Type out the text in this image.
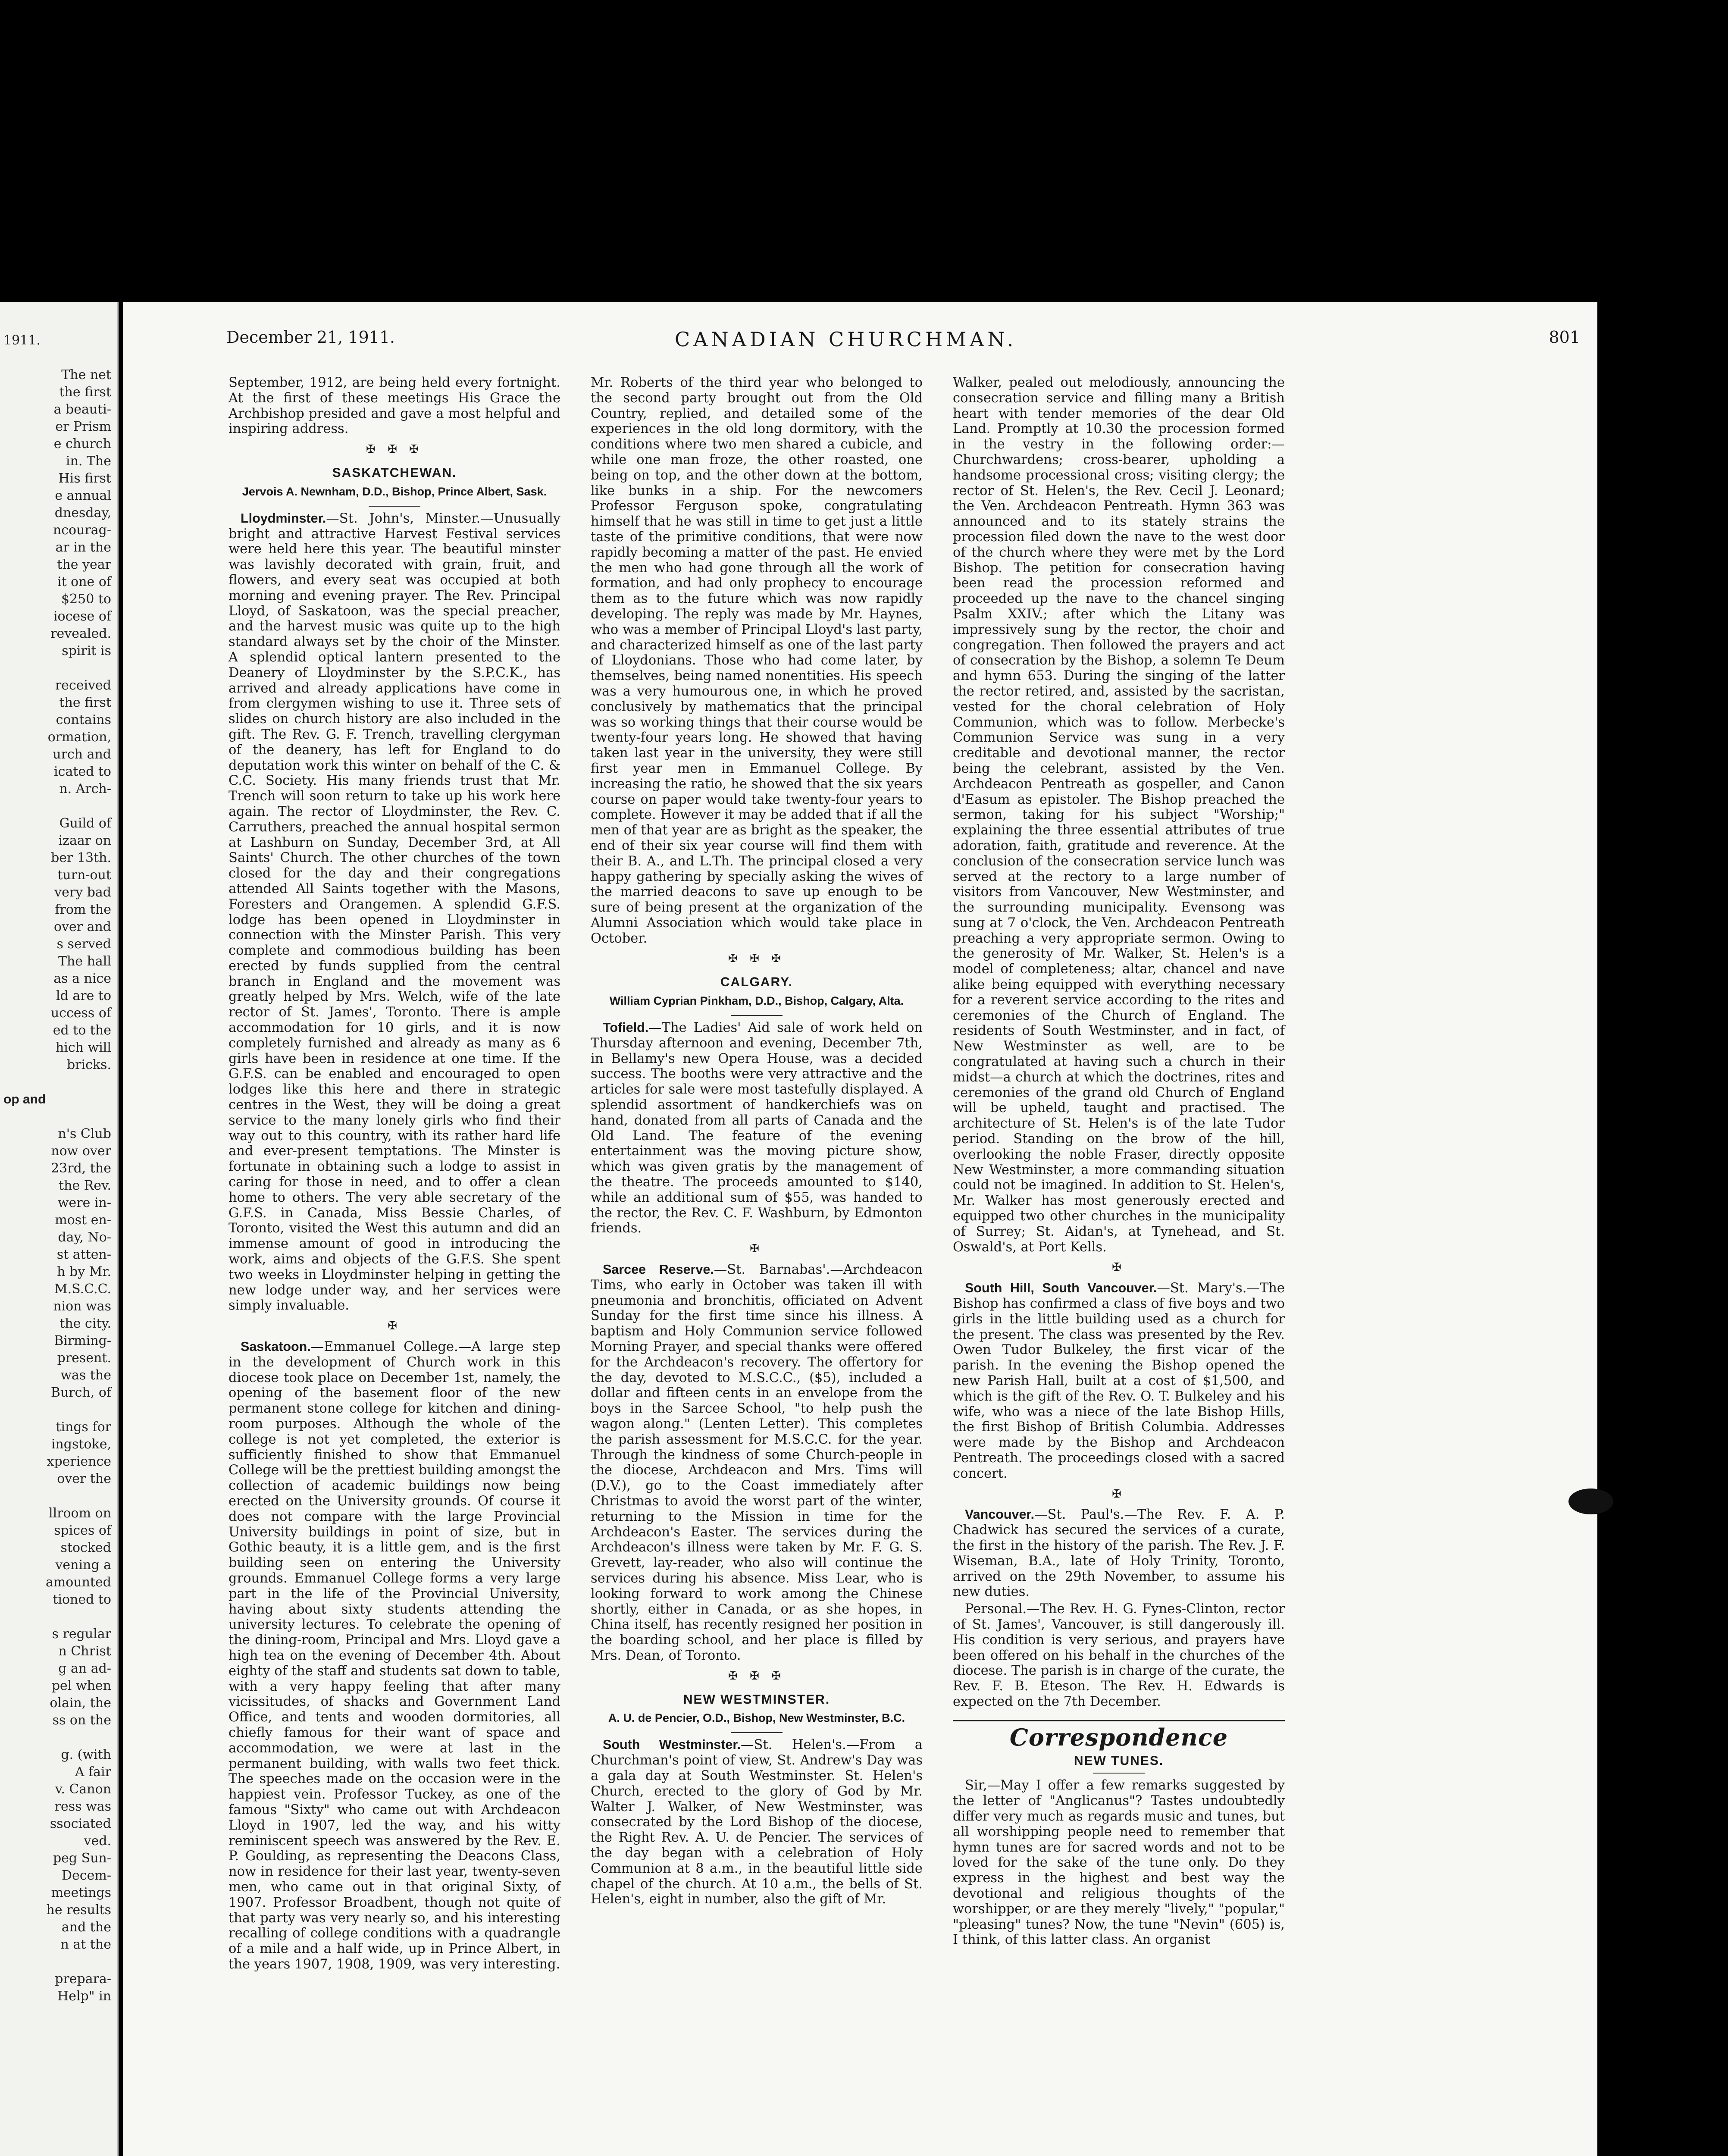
1911.
The net
the first
a beauti-
er Prism
e church
in. The
His first
e annual
dnesday,
ncourag-
ar in the
the year
it one of
$250 to
iocese of
revealed.
spirit is
received
the first
contains
ormation,
urch and
icated to
n. Arch-
Guild of
izaar on
ber 13th.
turn-out
very bad
from the
over and
s served
The hall
as a nice
ld are to
uccess of
ed to the
hich will
bricks.
op and
n's Club
now over
23rd, the
the Rev.
were in-
most en-
day, No-
st atten-
h by Mr.
M.S.C.C.
nion was
the city.
Birming-
present.
was the
Burch, of
tings for
ingstoke,
xperience
over the
llroom on
spices of
stocked
vening a
amounted
tioned to
s regular
n Christ
g an ad-
pel when
olain, the
ss on the
g. (with
A fair
v. Canon
ress was
ssociated
ved.
peg Sun-
Decem-
meetings
he results
and the
n at the
prepara-
Help" in
December 21, 1911.	CANADIAN CHURCHMAN.	801

September, 1912, are being held every fortnight. At the first of these meetings His Grace the Archbishop presided and gave a most helpful and inspiring address.

✠ ✠ ✠
SASKATCHEWAN.
Jervois A. Newnham, D.D., Bishop, Prince Albert, Sask.

Lloydminster.—St. John's, Minster.—Unusually bright and attractive Harvest Festival services were held here this year. The beautiful minster was lavishly decorated with grain, fruit, and flowers, and every seat was occupied at both morning and evening prayer. The Rev. Principal Lloyd, of Saskatoon, was the special preacher, and the harvest music was quite up to the high standard always set by the choir of the Minster. A splendid optical lantern presented to the Deanery of Lloydminster by the S.P.C.K., has arrived and already applications have come in from clergymen wishing to use it. Three sets of slides on church history are also included in the gift. The Rev. G. F. Trench, travelling clergyman of the deanery, has left for England to do deputation work this winter on behalf of the C. & C.C. Society. His many friends trust that Mr. Trench will soon return to take up his work here again. The rector of Lloydminster, the Rev. C. Carruthers, preached the annual hospital sermon at Lashburn on Sunday, December 3rd, at All Saints' Church. The other churches of the town closed for the day and their congregations attended All Saints together with the Masons, Foresters and Orangemen. A splendid G.F.S. lodge has been opened in Lloydminster in connection with the Minster Parish. This very complete and commodious building has been erected by funds supplied from the central branch in England and the movement was greatly helped by Mrs. Welch, wife of the late rector of St. James', Toronto. There is ample accommodation for 10 girls, and it is now completely furnished and already as many as 6 girls have been in residence at one time. If the G.F.S. can be enabled and encouraged to open lodges like this here and there in strategic centres in the West, they will be doing a great service to the many lonely girls who find their way out to this country, with its rather hard life and ever-present temptations. The Minster is fortunate in obtaining such a lodge to assist in caring for those in need, and to offer a clean home to others. The very able secretary of the G.F.S. in Canada, Miss Bessie Charles, of Toronto, visited the West this autumn and did an immense amount of good in introducing the work, aims and objects of the G.F.S. She spent two weeks in Lloydminster helping in getting the new lodge under way, and her services were simply invaluable.

✠

Saskatoon.—Emmanuel College.—A large step in the development of Church work in this diocese took place on December 1st, namely, the opening of the basement floor of the new permanent stone college for kitchen and dining-room purposes. Although the whole of the college is not yet completed, the exterior is sufficiently finished to show that Emmanuel College will be the prettiest building amongst the collection of academic buildings now being erected on the University grounds. Of course it does not compare with the large Provincial University buildings in point of size, but in Gothic beauty, it is a little gem, and is the first building seen on entering the University grounds. Emmanuel College forms a very large part in the life of the Provincial University, having about sixty students attending the university lectures. To celebrate the opening of the dining-room, Principal and Mrs. Lloyd gave a high tea on the evening of December 4th. About eighty of the staff and students sat down to table, with a very happy feeling that after many vicissitudes, of shacks and Government Land Office, and tents and wooden dormitories, all chiefly famous for their want of space and accommodation, we were at last in the permanent building, with walls two feet thick. The speeches made on the occasion were in the happiest vein. Professor Tuckey, as one of the famous "Sixty" who came out with Archdeacon Lloyd in 1907, led the way, and his witty reminiscent speech was answered by the Rev. E. P. Goulding, as representing the Deacons Class, now in residence for their last year, twenty-seven men, who came out in that original Sixty, of 1907. Professor Broadbent, though not quite of that party was very nearly so, and his interesting recalling of college conditions with a quadrangle of a mile and a half wide, up in Prince Albert, in the years 1907, 1908, 1909, was very interesting.

Mr. Roberts of the third year who belonged to the second party brought out from the Old Country, replied, and detailed some of the experiences in the old long dormitory, with the conditions where two men shared a cubicle, and while one man froze, the other roasted, one being on top, and the other down at the bottom, like bunks in a ship. For the newcomers Professor Ferguson spoke, congratulating himself that he was still in time to get just a little taste of the primitive conditions, that were now rapidly becoming a matter of the past. He envied the men who had gone through all the work of formation, and had only prophecy to encourage them as to the future which was now rapidly developing. The reply was made by Mr. Haynes, who was a member of Principal Lloyd's last party, and characterized himself as one of the last party of Lloydonians. Those who had come later, by themselves, being named nonentities. His speech was a very humourous one, in which he proved conclusively by mathematics that the principal was so working things that their course would be twenty-four years long. He showed that having taken last year in the university, they were still first year men in Emmanuel College. By increasing the ratio, he showed that the six years course on paper would take twenty-four years to complete. However it may be added that if all the men of that year are as bright as the speaker, the end of their six year course will find them with their B. A., and L.Th. The principal closed a very happy gathering by specially asking the wives of the married deacons to save up enough to be sure of being present at the organization of the Alumni Association which would take place in October.

✠ ✠ ✠
CALGARY.
William Cyprian Pinkham, D.D., Bishop, Calgary, Alta.

Tofield.—The Ladies' Aid sale of work held on Thursday afternoon and evening, December 7th, in Bellamy's new Opera House, was a decided success. The booths were very attractive and the articles for sale were most tastefully displayed. A splendid assortment of handkerchiefs was on hand, donated from all parts of Canada and the Old Land. The feature of the evening entertainment was the moving picture show, which was given gratis by the management of the theatre. The proceeds amounted to $140, while an additional sum of $55, was handed to the rector, the Rev. C. F. Washburn, by Edmonton friends.

✠

Sarcee Reserve.—St. Barnabas'.—Archdeacon Tims, who early in October was taken ill with pneumonia and bronchitis, officiated on Advent Sunday for the first time since his illness. A baptism and Holy Communion service followed Morning Prayer, and special thanks were offered for the Archdeacon's recovery. The offertory for the day, devoted to M.S.C.C., ($5), included a dollar and fifteen cents in an envelope from the boys in the Sarcee School, "to help push the wagon along." (Lenten Letter). This completes the parish assessment for M.S.C.C. for the year. Through the kindness of some Church-people in the diocese, Archdeacon and Mrs. Tims will (D.V.), go to the Coast immediately after Christmas to avoid the worst part of the winter, returning to the Mission in time for the Archdeacon's Easter. The services during the Archdeacon's illness were taken by Mr. F. G. S. Grevett, lay-reader, who also will continue the services during his absence. Miss Lear, who is looking forward to work among the Chinese shortly, either in Canada, or as she hopes, in China itself, has recently resigned her position in the boarding school, and her place is filled by Mrs. Dean, of Toronto.

✠ ✠ ✠
NEW WESTMINSTER.
A. U. de Pencier, O.D., Bishop, New Westminster, B.C.

South Westminster.—St. Helen's.—From a Churchman's point of view, St. Andrew's Day was a gala day at South Westminster. St. Helen's Church, erected to the glory of God by Mr. Walter J. Walker, of New Westminster, was consecrated by the Lord Bishop of the diocese, the Right Rev. A. U. de Pencier. The services of the day began with a celebration of Holy Communion at 8 a.m., in the beautiful little side chapel of the church. At 10 a.m., the bells of St. Helen's, eight in number, also the gift of Mr.

Walker, pealed out melodiously, announcing the consecration service and filling many a British heart with tender memories of the dear Old Land. Promptly at 10.30 the procession formed in the vestry in the following order:—Churchwardens; cross-bearer, upholding a handsome processional cross; visiting clergy; the rector of St. Helen's, the Rev. Cecil J. Leonard; the Ven. Archdeacon Pentreath. Hymn 363 was announced and to its stately strains the procession filed down the nave to the west door of the church where they were met by the Lord Bishop. The petition for consecration having been read the procession reformed and proceeded up the nave to the chancel singing Psalm XXIV.; after which the Litany was impressively sung by the rector, the choir and congregation. Then followed the prayers and act of consecration by the Bishop, a solemn Te Deum and hymn 653. During the singing of the latter the rector retired, and, assisted by the sacristan, vested for the choral celebration of Holy Communion, which was to follow. Merbecke's Communion Service was sung in a very creditable and devotional manner, the rector being the celebrant, assisted by the Ven. Archdeacon Pentreath as gospeller, and Canon d'Easum as epistoler. The Bishop preached the sermon, taking for his subject "Worship;" explaining the three essential attributes of true adoration, faith, gratitude and reverence. At the conclusion of the consecration service lunch was served at the rectory to a large number of visitors from Vancouver, New Westminster, and the surrounding municipality. Evensong was sung at 7 o'clock, the Ven. Archdeacon Pentreath preaching a very appropriate sermon. Owing to the generosity of Mr. Walker, St. Helen's is a model of completeness; altar, chancel and nave alike being equipped with everything necessary for a reverent service according to the rites and ceremonies of the Church of England. The residents of South Westminster, and in fact, of New Westminster as well, are to be congratulated at having such a church in their midst—a church at which the doctrines, rites and ceremonies of the grand old Church of England will be upheld, taught and practised. The architecture of St. Helen's is of the late Tudor period. Standing on the brow of the hill, overlooking the noble Fraser, directly opposite New Westminster, a more commanding situation could not be imagined. In addition to St. Helen's, Mr. Walker has most generously erected and equipped two other churches in the municipality of Surrey; St. Aidan's, at Tynehead, and St. Oswald's, at Port Kells.

✠

South Hill, South Vancouver.—St. Mary's.—The Bishop has confirmed a class of five boys and two girls in the little building used as a church for the present. The class was presented by the Rev. Owen Tudor Bulkeley, the first vicar of the parish. In the evening the Bishop opened the new Parish Hall, built at a cost of $1,500, and which is the gift of the Rev. O. T. Bulkeley and his wife, who was a niece of the late Bishop Hills, the first Bishop of British Columbia. Addresses were made by the Bishop and Archdeacon Pentreath. The proceedings closed with a sacred concert.

✠

Vancouver.—St. Paul's.—The Rev. F. A. P. Chadwick has secured the services of a curate, the first in the history of the parish. The Rev. J. F. Wiseman, B.A., late of Holy Trinity, Toronto, arrived on the 29th November, to assume his new duties.

Personal.—The Rev. H. G. Fynes-Clinton, rector of St. James', Vancouver, is still dangerously ill. His condition is very serious, and prayers have been offered on his behalf in the churches of the diocese. The parish is in charge of the curate, the Rev. F. B. Eteson. The Rev. H. Edwards is expected on the 7th December.

Correspondence
NEW TUNES.

Sir,—May I offer a few remarks suggested by the letter of "Anglicanus"? Tastes undoubtedly differ very much as regards music and tunes, but all worshipping people need to remember that hymn tunes are for sacred words and not to be loved for the sake of the tune only. Do they express in the highest and best way the devotional and religious thoughts of the worshipper, or are they merely "lively," "popular," "pleasing" tunes? Now, the tune "Nevin" (605) is, I think, of this latter class. An organist
